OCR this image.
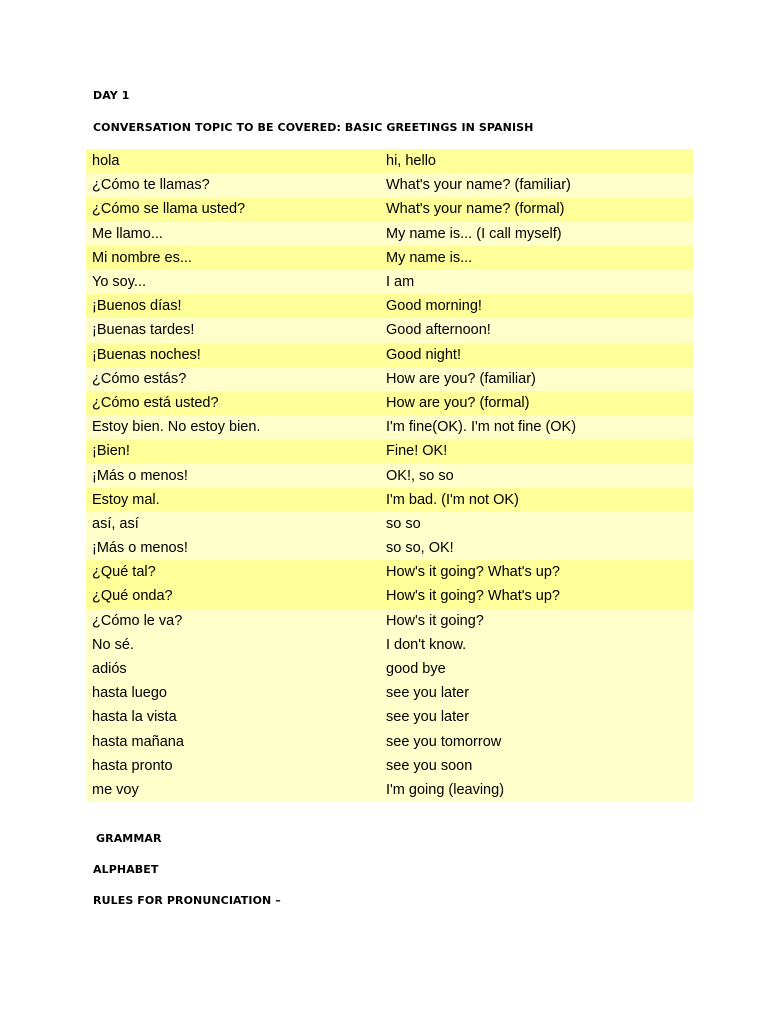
DAY 1
CONVERSATION TOPIC TO BE COVERED: BASIC GREETINGS IN SPANISH
hola	hi, hello
¿Cómo te llamas?	What's your name? (familiar)
¿Cómo se llama usted?	What's your name? (formal)
Me llamo...	My name is... (I call myself)
Mi nombre es...	My name is...
Yo soy...	I am
¡Buenos días!	Good morning!
¡Buenas tardes!	Good afternoon!
¡Buenas noches!	Good night!
¿Cómo estás?	How are you? (familiar)
¿Cómo está usted?	How are you? (formal)
Estoy bien. No estoy bien.	I'm fine(OK). I'm not fine (OK)
¡Bien!	Fine! OK!
¡Más o menos!	OK!, so so
Estoy mal.	I'm bad. (I'm not OK)
así, así	so so
¡Más o menos!	so so, OK!
¿Qué tal?	How's it going? What's up?
¿Qué onda?	How's it going? What's up?
¿Cómo le va?	How's it going?
No sé.	I don't know.
adiós	good bye
hasta luego	see you later
hasta la vista	see you later
hasta mañana	see you tomorrow
hasta pronto	see you soon
me voy	I'm going (leaving)
GRAMMAR
ALPHABET
RULES FOR PRONUNCIATION –
